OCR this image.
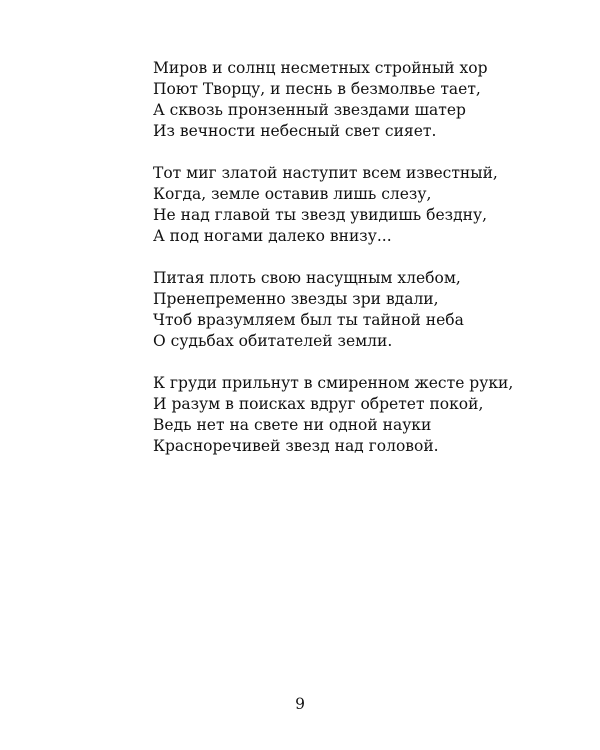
Миров и солнц несметных стройный хор
Поют Творцу, и песнь в безмолвье тает,
А сквозь пронзенный звездами шатер
Из вечности небесный свет сияет.
Тот миг златой наступит всем известный,
Когда, земле оставив лишь слезу,
Не над главой ты звезд увидишь бездну,
А под ногами далеко внизу...
Питая плоть свою насущным хлебом,
Пренепременно звезды зри вдали,
Чтоб вразумляем был ты тайной неба
О судьбах обитателей земли.
К груди прильнут в смиренном жесте руки,
И разум в поисках вдруг обретет покой,
Ведь нет на свете ни одной науки
Красноречивей звезд над головой.
9
